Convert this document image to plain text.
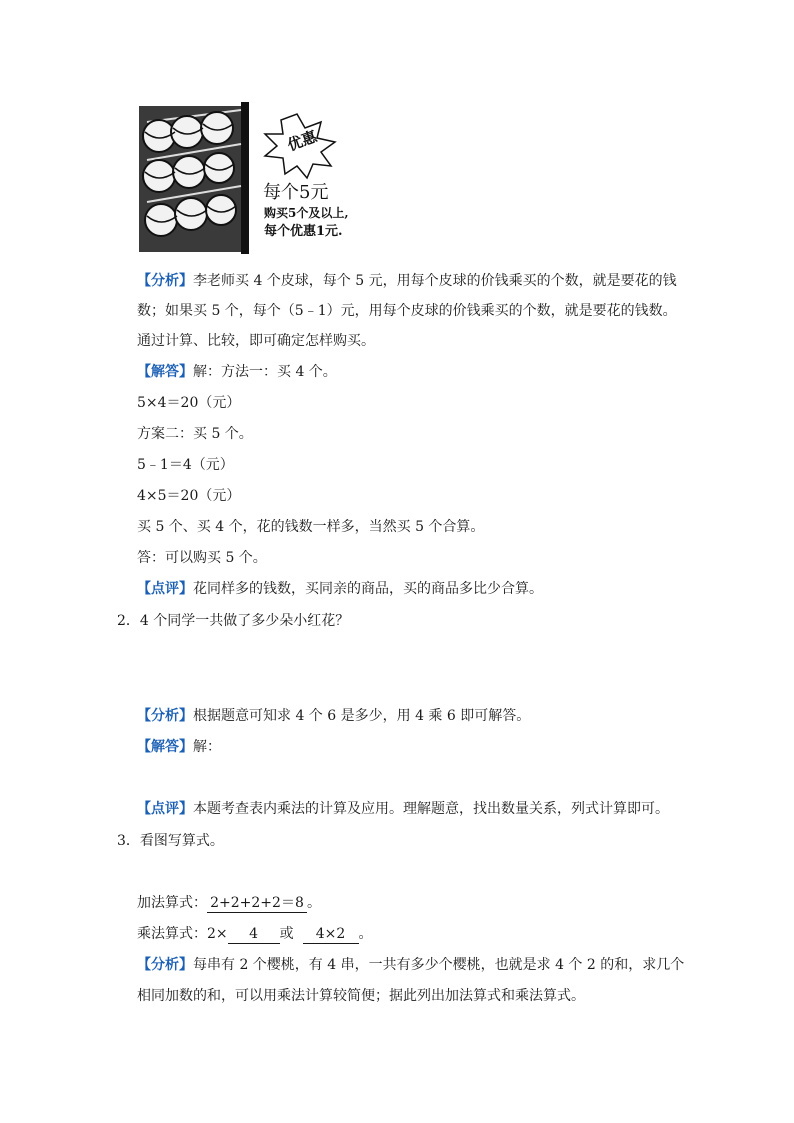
优惠
每个5元
购买5个及以上,
每个优惠1元.
【分析】李老师买 4 个皮球，每个 5 元，用每个皮球的价钱乘买的个数，就是要花的钱
数；如果买 5 个，每个（5﹣1）元，用每个皮球的价钱乘买的个数，就是要花的钱数。
通过计算、比较，即可确定怎样购买。
【解答】解：方法一：买 4 个。
5×4＝20（元）
方案二：买 5 个。
5﹣1＝4（元）
4×5＝20（元）
买 5 个、买 4 个，花的钱数一样多，当然买 5 个合算。
答：可以购买 5 个。
【点评】花同样多的钱数，买同亲的商品，买的商品多比少合算。
2．4 个同学一共做了多少朵小红花？
【分析】根据题意可知求 4 个 6 是多少，用 4 乘 6 即可解答。
【解答】解：
【点评】本题考查表内乘法的计算及应用。理解题意，找出数量关系，列式计算即可。
3．看图写算式。
加法算式： 2+2+2+2＝8 。
乘法算式：2× 4 或 4×2 。
【分析】每串有 2 个樱桃，有 4 串，一共有多少个樱桃，也就是求 4 个 2 的和，求几个
相同加数的和，可以用乘法计算较简便；据此列出加法算式和乘法算式。
